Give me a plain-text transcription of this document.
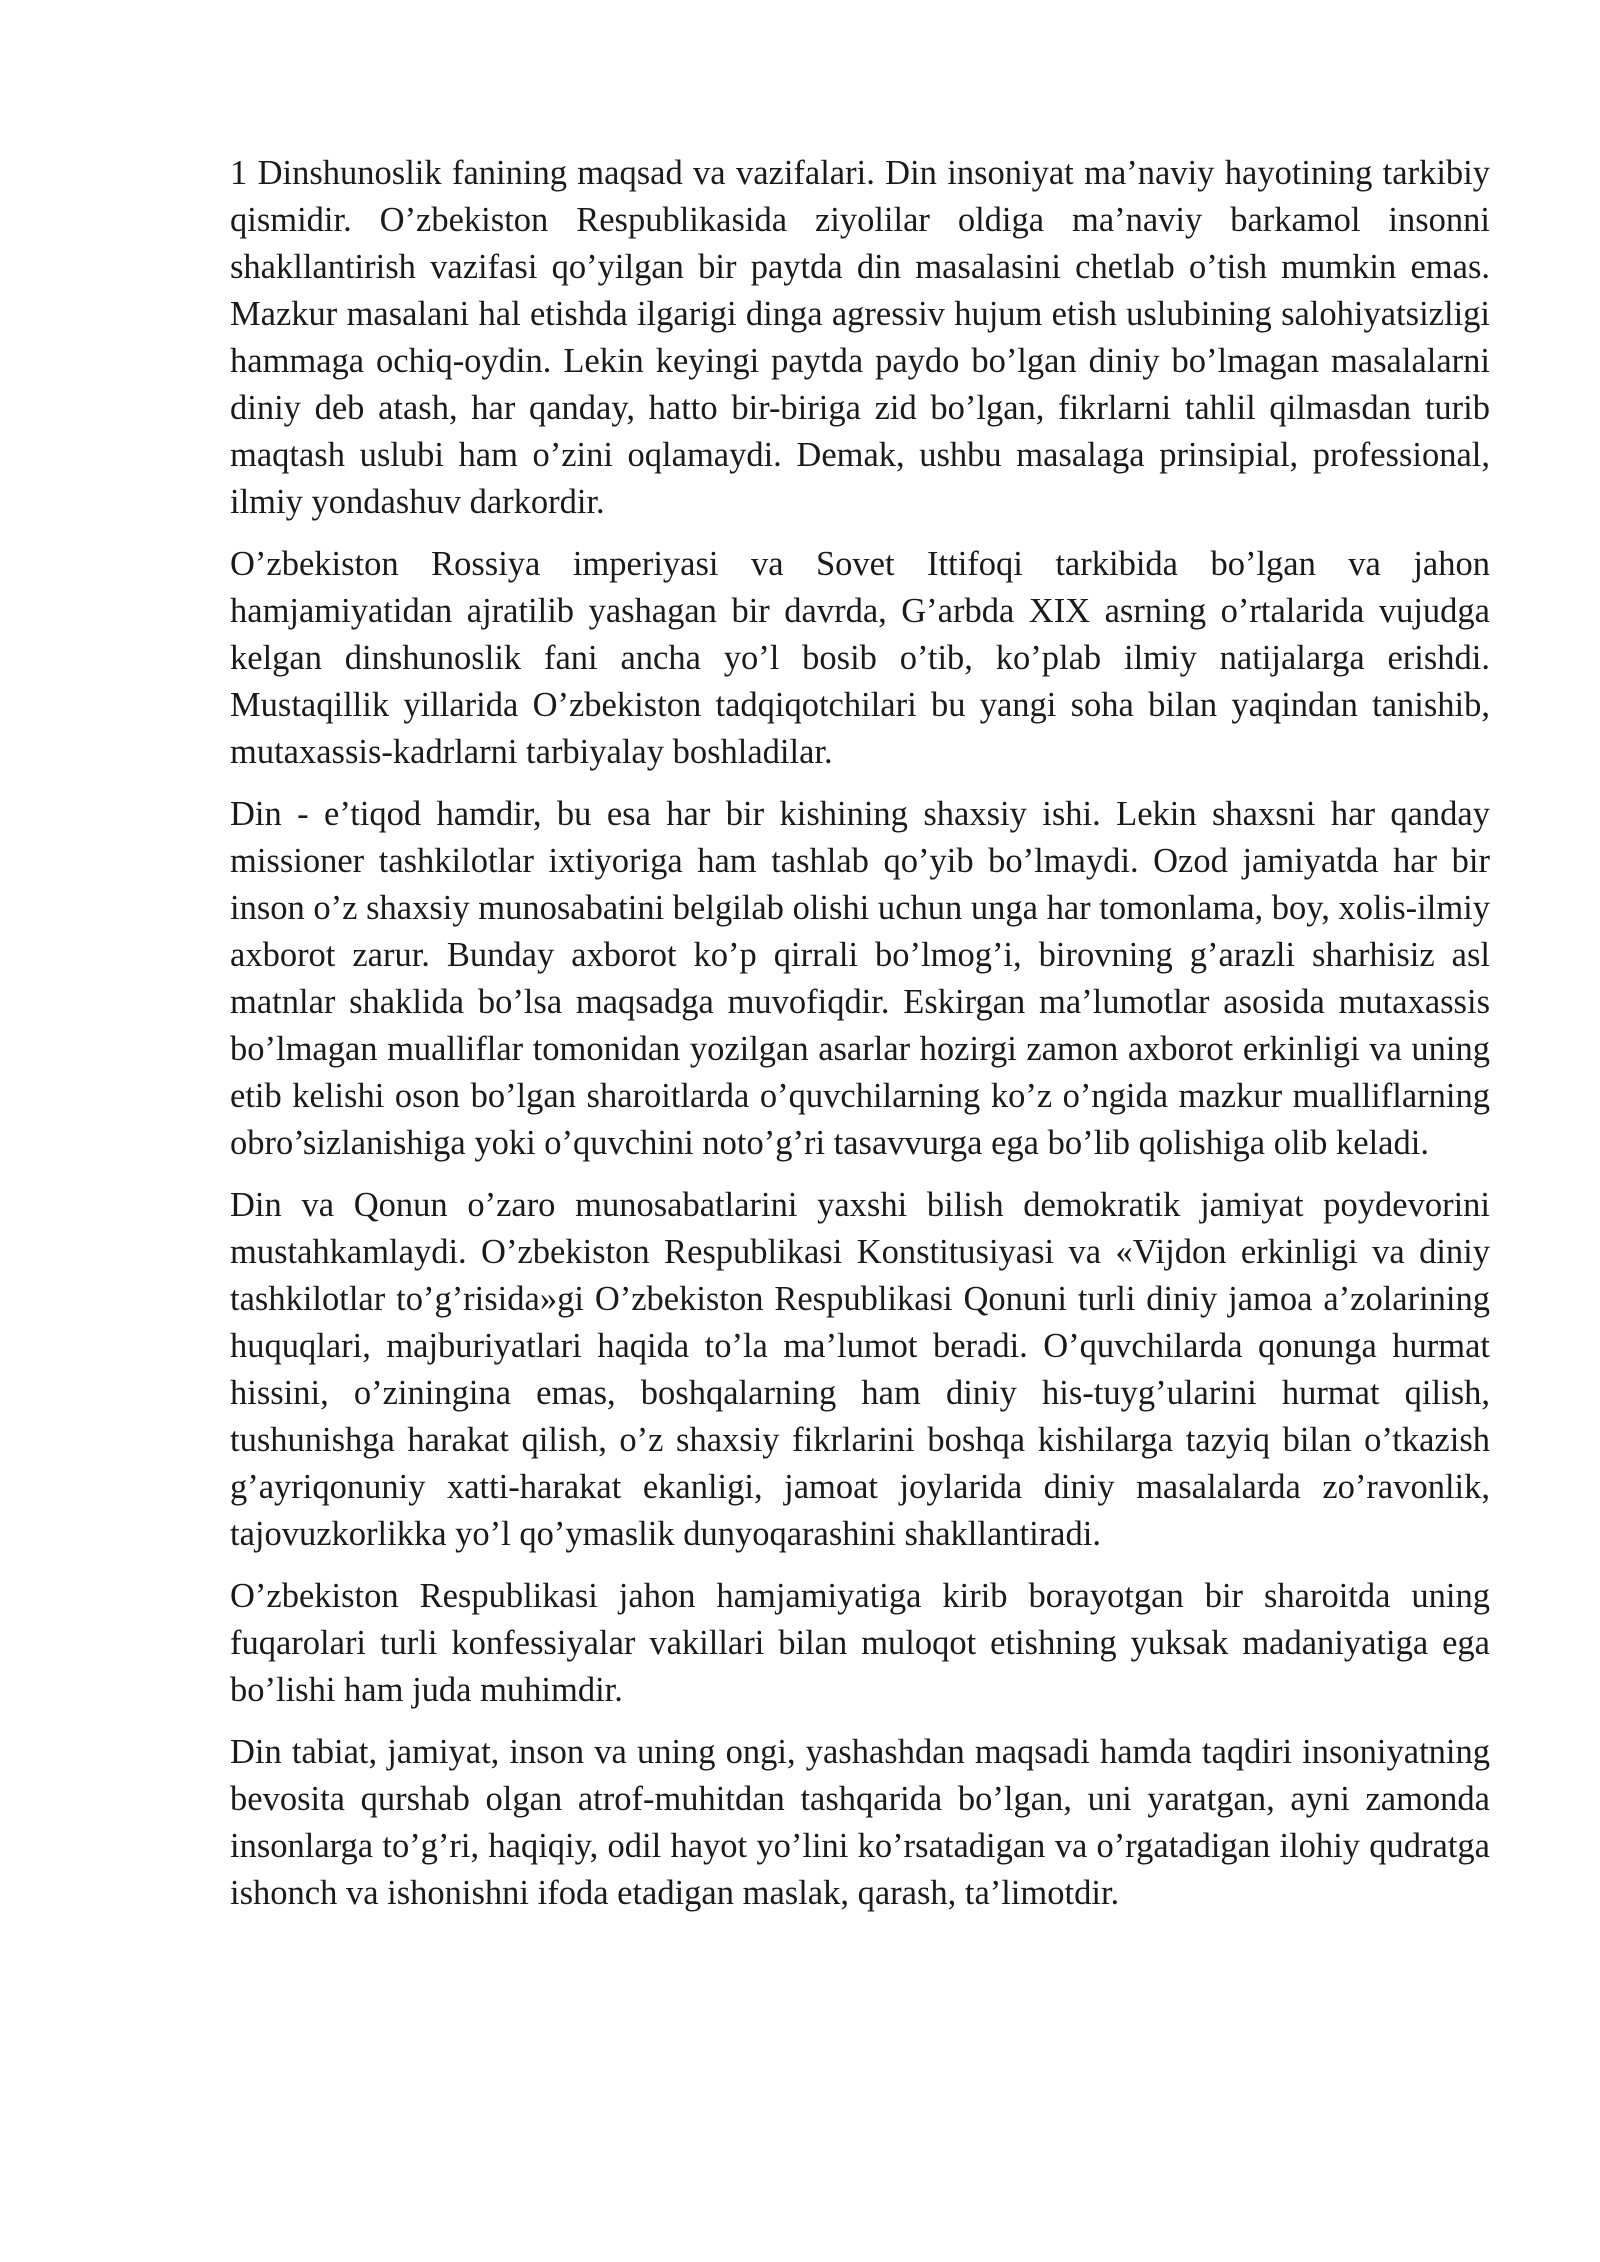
1 Dinshunoslik fanining maqsad va vazifalari. Din insoniyat ma’naviy hayotining tarkibiy qismidir. O’zbekiston Respublikasida ziyolilar oldiga ma’naviy barkamol insonni shakllantirish vazifasi qo’yilgan bir paytda din masalasini chetlab o’tish mumkin emas. Mazkur masalani hal etishda ilgarigi dinga agressiv hujum etish uslubining salohiyatsizligi hammaga ochiq-oydin. Lekin keyingi paytda paydo bo’lgan diniy bo’lmagan masalalarni diniy deb atash, har qanday, hatto bir-biriga zid bo’lgan, fikrlarni tahlil qilmasdan turib maqtash uslubi ham o’zini oqlamaydi. Demak, ushbu masalaga prinsipial, professional, ilmiy yondashuv darkordir.

O’zbekiston Rossiya imperiyasi va Sovet Ittifoqi tarkibida bo’lgan va jahon hamjamiyatidan ajratilib yashagan bir davrda, G’arbda XIX asrning o’rtalarida vujudga kelgan dinshunoslik fani ancha yo’l bosib o’tib, ko’plab ilmiy natijalarga erishdi. Mustaqillik yillarida O’zbekiston tadqiqotchilari bu yangi soha bilan yaqindan tanishib, mutaxassis-kadrlarni tarbiyalay boshladilar.

Din - e’tiqod hamdir, bu esa har bir kishining shaxsiy ishi. Lekin shaxsni har qanday missioner tashkilotlar ixtiyoriga ham tashlab qo’yib bo’lmaydi. Ozod jamiyatda har bir inson o’z shaxsiy munosabatini belgilab olishi uchun unga har tomonlama, boy, xolis-ilmiy axborot zarur. Bunday axborot ko’p qirrali bo’lmog’i, birovning g’arazli sharhisiz asl matnlar shaklida bo’lsa maqsadga muvofiqdir. Eskirgan ma’lumotlar asosida mutaxassis bo’lmagan mualliflar tomonidan yozilgan asarlar hozirgi zamon axborot erkinligi va uning etib kelishi oson bo’lgan sharoitlarda o’quvchilarning ko’z o’ngida mazkur mualliflarning obro’sizlanishiga yoki o’quvchini noto’g’ri tasavvurga ega bo’lib qolishiga olib keladi.

Din va Qonun o’zaro munosabatlarini yaxshi bilish demokratik jamiyat poydevorini mustahkamlaydi. O’zbekiston Respublikasi Konstitusiyasi va «Vijdon erkinligi va diniy tashkilotlar to’g’risida»gi O’zbekiston Respublikasi Qonuni turli diniy jamoa a’zolarining huquqlari, majburiyatlari haqida to’la ma’lumot beradi. O’quvchilarda qonunga hurmat hissini, o’ziningina emas, boshqalarning ham diniy his-tuyg’ularini hurmat qilish, tushunishga harakat qilish, o’z shaxsiy fikrlarini boshqa kishilarga tazyiq bilan o’tkazish g’ayriqonuniy xatti-harakat ekanligi, jamoat joylarida diniy masalalarda zo’ravonlik, tajovuzkorlikka yo’l qo’ymaslik dunyoqarashini shakllantiradi.

O’zbekiston Respublikasi jahon hamjamiyatiga kirib borayotgan bir sharoitda uning fuqarolari turli konfessiyalar vakillari bilan muloqot etishning yuksak madaniyatiga ega bo’lishi ham juda muhimdir.

Din tabiat, jamiyat, inson va uning ongi, yashashdan maqsadi hamda taqdiri insoniyatning bevosita qurshab olgan atrof-muhitdan tashqarida bo’lgan, uni yaratgan, ayni zamonda insonlarga to’g’ri, haqiqiy, odil hayot yo’lini ko’rsatadigan va o’rgatadigan ilohiy qudratga ishonch va ishonishni ifoda etadigan maslak, qarash, ta’limotdir.
